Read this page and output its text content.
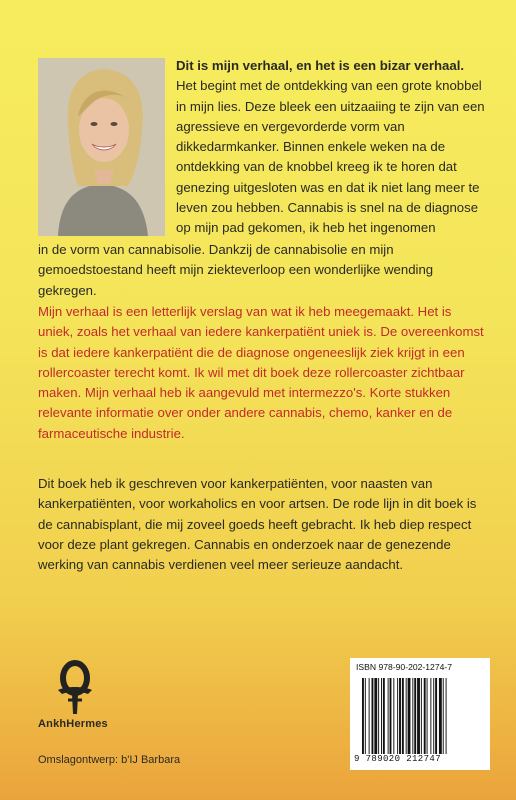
Dit is mijn verhaal, en het is een bizar verhaal. Het begint met de ontdekking van een grote knobbel in mijn lies. Deze bleek een uitzaaiing te zijn van een agressieve en vergevorderde vorm van dikkedarmkanker. Binnen enkele weken na de ontdekking van de knobbel kreeg ik te horen dat genezing uitgesloten was en dat ik niet lang meer te leven zou hebben. Cannabis is snel na de diagnose op mijn pad gekomen, ik heb het ingenomen

in de vorm van cannabisolie. Dankzij de cannabisolie en mijn gemoedstoestand heeft mijn ziekteverloop een wonderlijke wending gekregen.

Mijn verhaal is een letterlijk verslag van wat ik heb meegemaakt. Het is uniek, zoals het verhaal van iedere kankerpatiënt uniek is. De overeenkomst is dat iedere kankerpatiënt die de diagnose ongeneeslijk ziek krijgt in een rollercoaster terecht komt. Ik wil met dit boek deze rollercoaster zichtbaar maken. Mijn verhaal heb ik aangevuld met intermezzo's. Korte stukken relevante informatie over onder andere cannabis, chemo, kanker en de farmaceutische industrie.

Dit boek heb ik geschreven voor kankerpatiënten, voor naasten van kankerpatiënten, voor workaholics en voor artsen. De rode lijn in dit boek is de cannabisplant, die mij zoveel goeds heeft gebracht. Ik heb diep respect voor deze plant gekregen. Cannabis en onderzoek naar de genezende werking van cannabis verdienen veel meer serieuze aandacht.

AnkhHermes
Omslagontwerp: b'IJ Barbara
ISBN 978-90-202-1274-7
9 789020 212747
